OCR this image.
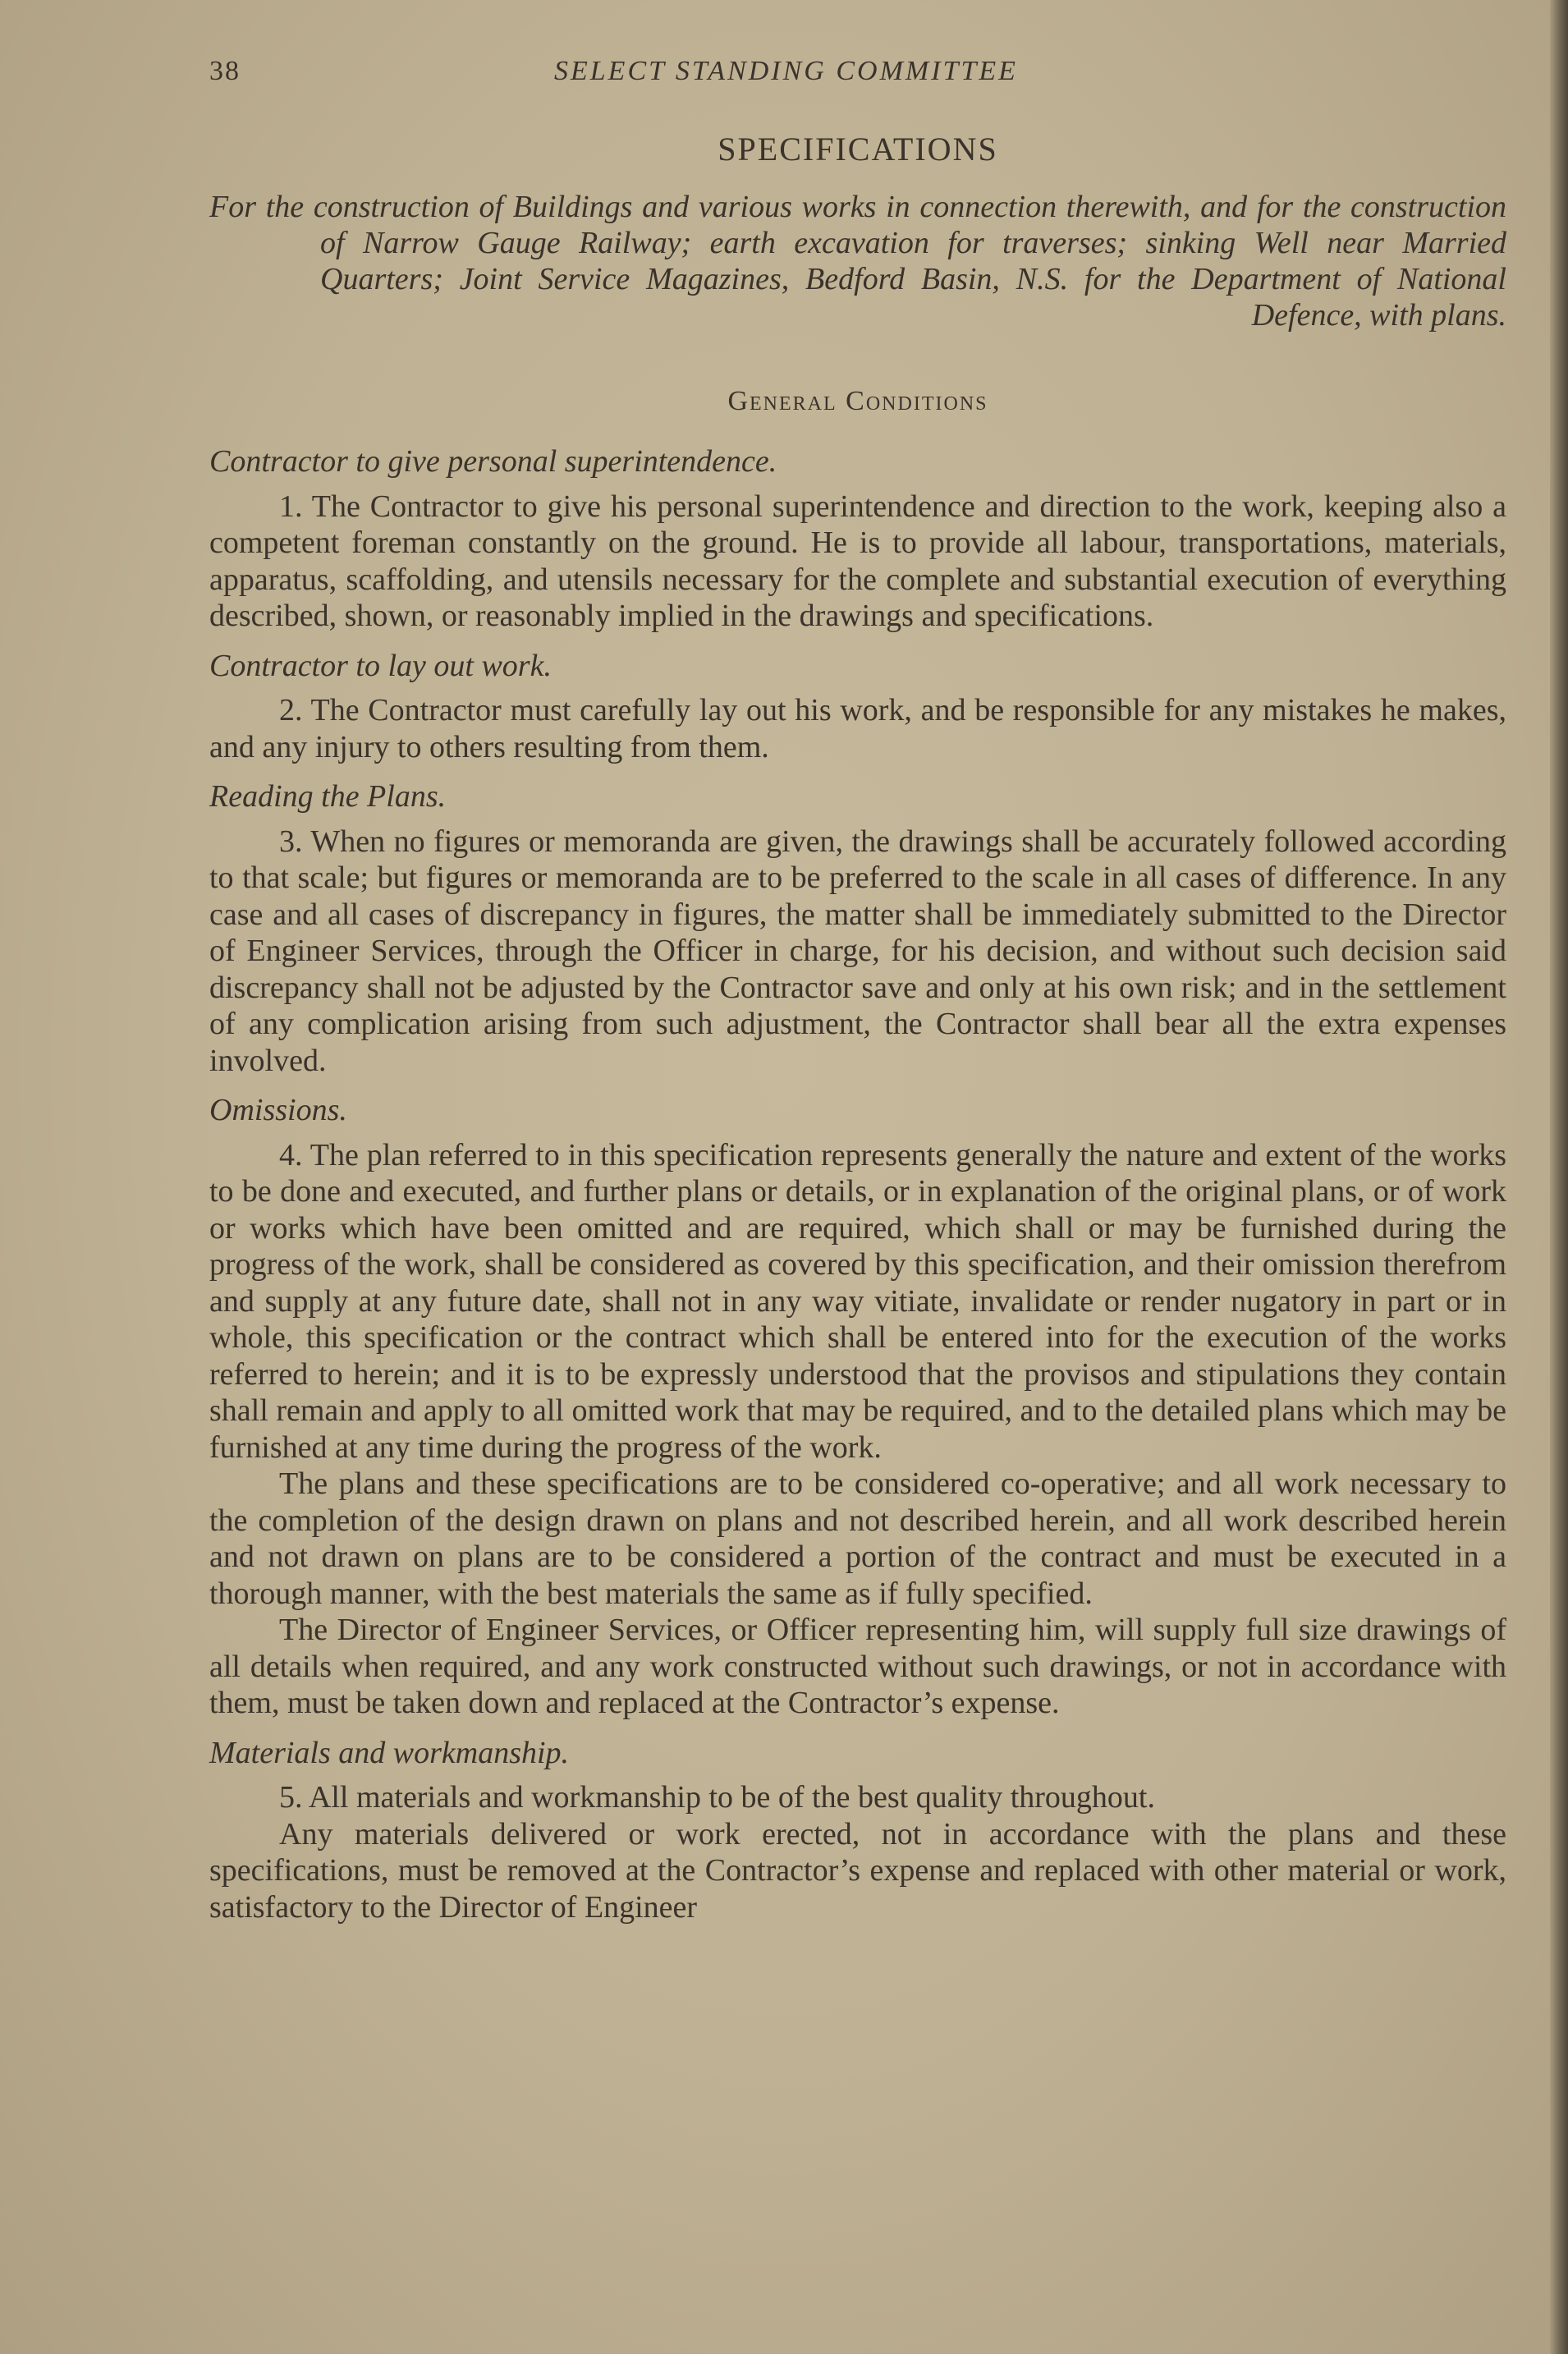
38	SELECT STANDING COMMITTEE
SPECIFICATIONS
For the construction of Buildings and various works in connection therewith, and for the construction of Narrow Gauge Railway; earth excavation for traverses; sinking Well near Married Quarters; Joint Service Magazines, Bedford Basin, N.S. for the Department of National Defence, with plans.
General Conditions

Contractor to give personal superintendence.

1. The Contractor to give his personal superintendence and direction to the work, keeping also a competent foreman constantly on the ground. He is to provide all labour, transportations, materials, apparatus, scaffolding, and utensils necessary for the complete and substantial execution of everything described, shown, or reasonably implied in the drawings and specifications.

Contractor to lay out work.

2. The Contractor must carefully lay out his work, and be responsible for any mistakes he makes, and any injury to others resulting from them.

Reading the Plans.

3. When no figures or memoranda are given, the drawings shall be accurately followed according to that scale; but figures or memoranda are to be preferred to the scale in all cases of difference. In any case and all cases of discrepancy in figures, the matter shall be immediately submitted to the Director of Engineer Services, through the Officer in charge, for his decision, and without such decision said discrepancy shall not be adjusted by the Contractor save and only at his own risk; and in the settlement of any complication arising from such adjustment, the Contractor shall bear all the extra expenses involved.

Omissions.

4. The plan referred to in this specification represents generally the nature and extent of the works to be done and executed, and further plans or details, or in explanation of the original plans, or of work or works which have been omitted and are required, which shall or may be furnished during the progress of the work, shall be considered as covered by this specification, and their omission therefrom and supply at any future date, shall not in any way vitiate, invalidate or render nugatory in part or in whole, this specification or the contract which shall be entered into for the execution of the works referred to herein; and it is to be expressly understood that the provisos and stipulations they contain shall remain and apply to all omitted work that may be required, and to the detailed plans which may be furnished at any time during the progress of the work.

The plans and these specifications are to be considered co-operative; and all work necessary to the completion of the design drawn on plans and not described herein, and all work described herein and not drawn on plans are to be considered a portion of the contract and must be executed in a thorough manner, with the best materials the same as if fully specified.

The Director of Engineer Services, or Officer representing him, will supply full size drawings of all details when required, and any work constructed without such drawings, or not in accordance with them, must be taken down and replaced at the Contractor’s expense.

Materials and workmanship.

5. All materials and workmanship to be of the best quality throughout.

Any materials delivered or work erected, not in accordance with the plans and these specifications, must be removed at the Contractor’s expense and replaced with other material or work, satisfactory to the Director of Engineer
